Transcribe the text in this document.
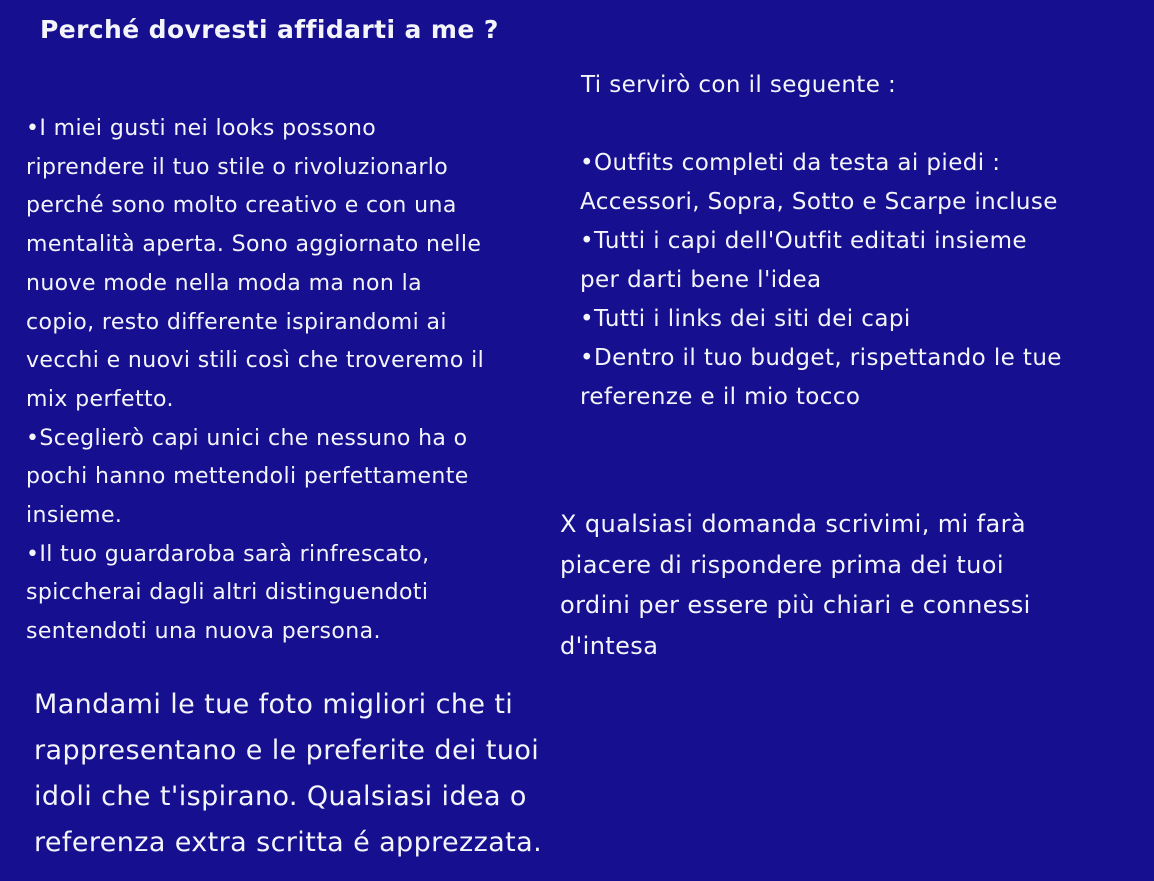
Perché dovresti affidarti a me ?

Ti servirò con il seguente :

•I miei gusti nei looks possono
riprendere il tuo stile o rivoluzionarlo
perché sono molto creativo e con una
mentalità aperta. Sono aggiornato nelle
nuove mode nella moda ma non la
copio, resto differente ispirandomi ai
vecchi e nuovi stili così che troveremo il
mix perfetto.
•Sceglierò capi unici che nessuno ha o
pochi hanno mettendoli perfettamente
insieme.
•Il tuo guardaroba sarà rinfrescato,
spiccherai dagli altri distinguendoti
sentendoti una nuova persona.

•Outfits completi da testa ai piedi :
Accessori, Sopra, Sotto e Scarpe incluse
•Tutti i capi dell'Outfit editati insieme
per darti bene l'idea
•Tutti i links dei siti dei capi
•Dentro il tuo budget, rispettando le tue
referenze e il mio tocco

X qualsiasi domanda scrivimi, mi farà
piacere di rispondere prima dei tuoi
ordini per essere più chiari e connessi
d'intesa

Mandami le tue foto migliori che ti
rappresentano e le preferite dei tuoi
idoli che t'ispirano. Qualsiasi idea o
referenza extra scritta é apprezzata.
